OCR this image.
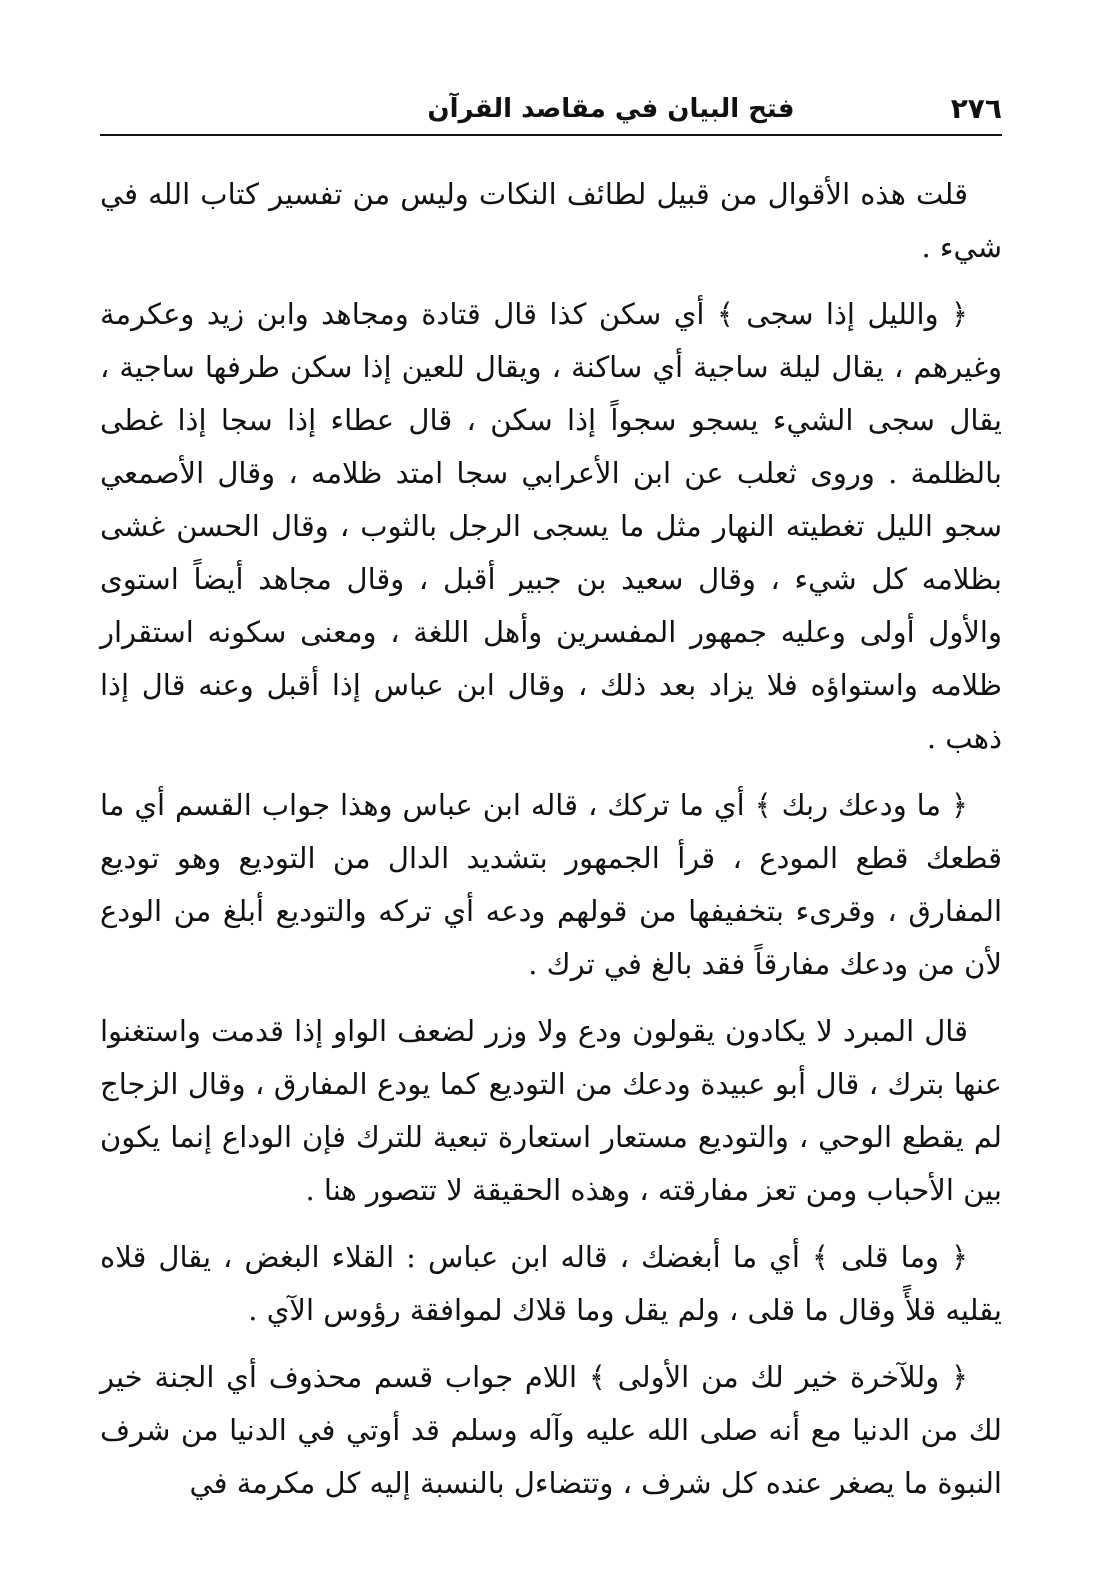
٢٧٦
فتح البيان في مقاصد القرآن

قلت هذه الأقوال من قبيل لطائف النكات وليس من تفسير كتاب الله في شيء .

﴿ والليل إذا سجى ﴾ أي سكن كذا قال قتادة ومجاهد وابن زيد وعكرمة وغيرهم ، يقال ليلة ساجية أي ساكنة ، ويقال للعين إذا سكن طرفها ساجية ، يقال سجى الشيء يسجو سجواً إذا سكن ، قال عطاء إذا سجا إذا غطى بالظلمة . وروى ثعلب عن ابن الأعرابي سجا امتد ظلامه ، وقال الأصمعي سجو الليل تغطيته النهار مثل ما يسجى الرجل بالثوب ، وقال الحسن غشى بظلامه كل شيء ، وقال سعيد بن جبير أقبل ، وقال مجاهد أيضاً استوى والأول أولى وعليه جمهور المفسرين وأهل اللغة ، ومعنى سكونه استقرار ظلامه واستواؤه فلا يزاد بعد ذلك ، وقال ابن عباس إذا أقبل وعنه قال إذا ذهب .

﴿ ما ودعك ربك ﴾ أي ما تركك ، قاله ابن عباس وهذا جواب القسم أي ما قطعك قطع المودع ، قرأ الجمهور بتشديد الدال من التوديع وهو توديع المفارق ، وقرىء بتخفيفها من قولهم ودعه أي تركه والتوديع أبلغ من الودع لأن من ودعك مفارقاً فقد بالغ في ترك .

قال المبرد لا يكادون يقولون ودع ولا وزر لضعف الواو إذا قدمت واستغنوا عنها بترك ، قال أبو عبيدة ودعك من التوديع كما يودع المفارق ، وقال الزجاج لم يقطع الوحي ، والتوديع مستعار استعارة تبعية للترك فإن الوداع إنما يكون بين الأحباب ومن تعز مفارقته ، وهذه الحقيقة لا تتصور هنا .

﴿ وما قلى ﴾ أي ما أبغضك ، قاله ابن عباس : القلاء البغض ، يقال قلاه يقليه قلأً وقال ما قلى ، ولم يقل وما قلاك لموافقة رؤوس الآي .

﴿ وللآخرة خير لك من الأولى ﴾ اللام جواب قسم محذوف أي الجنة خير لك من الدنيا مع أنه صلى الله عليه وآله وسلم قد أوتي في الدنيا من شرف النبوة ما يصغر عنده كل شرف ، وتتضاءل بالنسبة إليه كل مكرمة في
